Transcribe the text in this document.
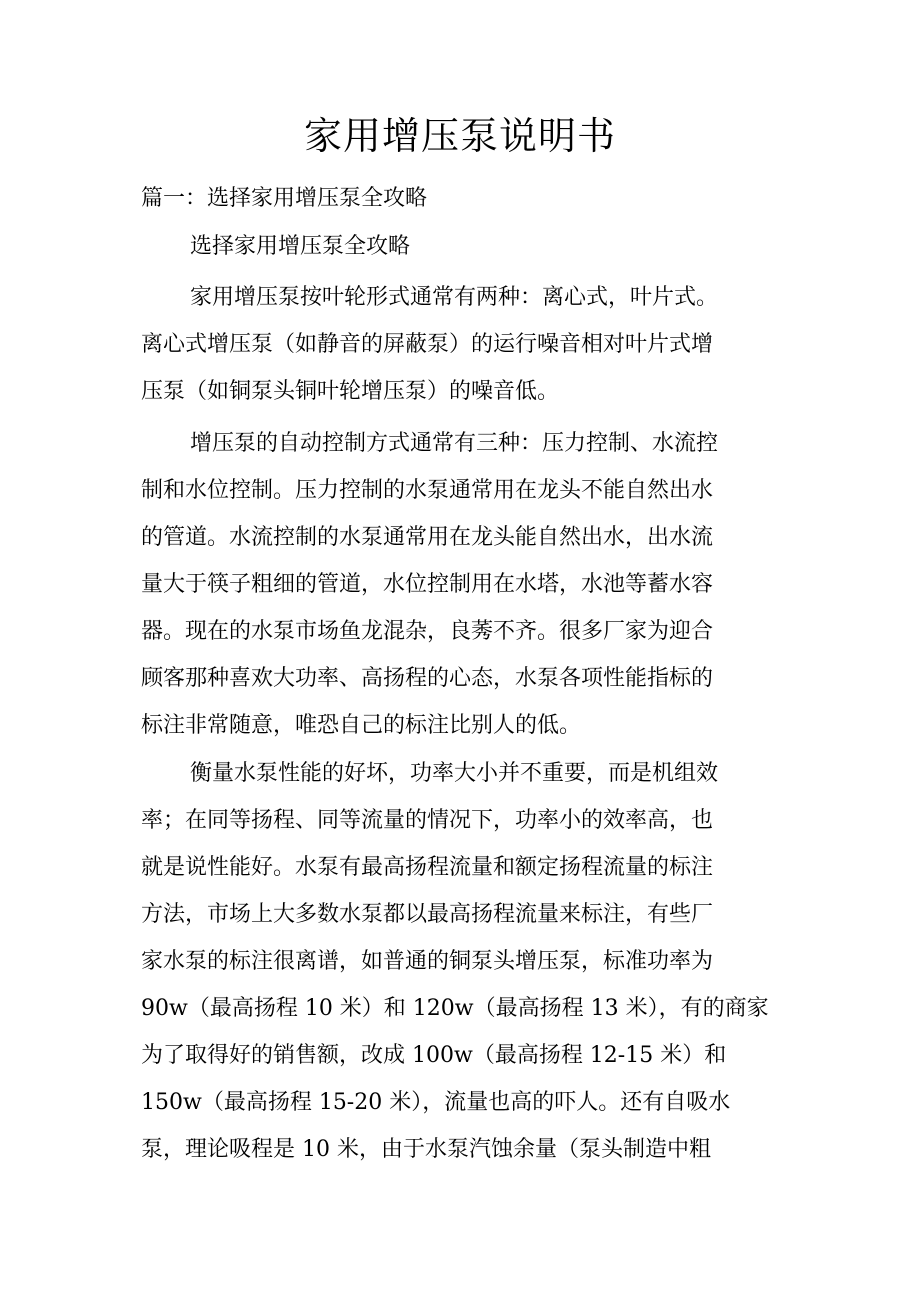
家用增压泵说明书
篇一：选择家用增压泵全攻略
选择家用增压泵全攻略

家用增压泵按叶轮形式通常有两种：离心式，叶片式。
离心式增压泵（如静音的屏蔽泵）的运行噪音相对叶片式增
压泵（如铜泵头铜叶轮增压泵）的噪音低。

增压泵的自动控制方式通常有三种：压力控制、水流控
制和水位控制。压力控制的水泵通常用在龙头不能自然出水
的管道。水流控制的水泵通常用在龙头能自然出水，出水流
量大于筷子粗细的管道，水位控制用在水塔，水池等蓄水容
器。现在的水泵市场鱼龙混杂，良莠不齐。很多厂家为迎合
顾客那种喜欢大功率、高扬程的心态，水泵各项性能指标的
标注非常随意，唯恐自己的标注比别人的低。

衡量水泵性能的好坏，功率大小并不重要，而是机组效
率；在同等扬程、同等流量的情况下，功率小的效率高，也
就是说性能好。水泵有最高扬程流量和额定扬程流量的标注
方法，市场上大多数水泵都以最高扬程流量来标注，有些厂
家水泵的标注很离谱，如普通的铜泵头增压泵，标准功率为
90w（最高扬程 10 米）和 120w（最高扬程 13 米），有的商家
为了取得好的销售额，改成 100w（最高扬程 12-15 米）和
150w（最高扬程 15-20 米），流量也高的吓人。还有自吸水
泵，理论吸程是 10 米，由于水泵汽蚀余量（泵头制造中粗
